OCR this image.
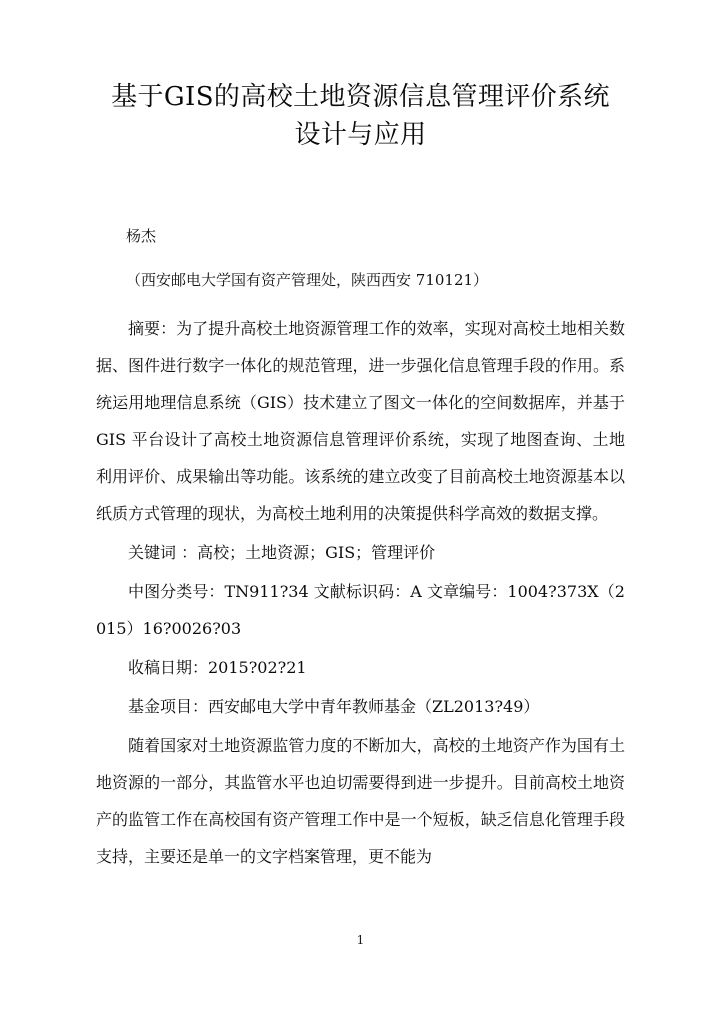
基于GIS的高校土地资源信息管理评价系统
设计与应用

杨杰

（西安邮电大学国有资产管理处，陕西西安 710121）

摘要：为了提升高校土地资源管理工作的效率，实现对高校土地相关数据、图件进行数字一体化的规范管理，进一步强化信息管理手段的作用。系统运用地理信息系统（GIS）技术建立了图文一体化的空间数据库，并基于 GIS 平台设计了高校土地资源信息管理评价系统，实现了地图查询、土地利用评价、成果输出等功能。该系统的建立改变了目前高校土地资源基本以纸质方式管理的现状，为高校土地利用的决策提供科学高效的数据支撑。

关键词 ：高校；土地资源；GIS；管理评价

中图分类号：TN911?34 文献标识码：A 文章编号：1004?373X（2015）16?0026?03

收稿日期：2015?02?21

基金项目：西安邮电大学中青年教师基金（ZL2013?49）

随着国家对土地资源监管力度的不断加大，高校的土地资产作为国有土地资源的一部分，其监管水平也迫切需要得到进一步提升。目前高校土地资产的监管工作在高校国有资产管理工作中是一个短板，缺乏信息化管理手段支持，主要还是单一的文字档案管理，更不能为

1
